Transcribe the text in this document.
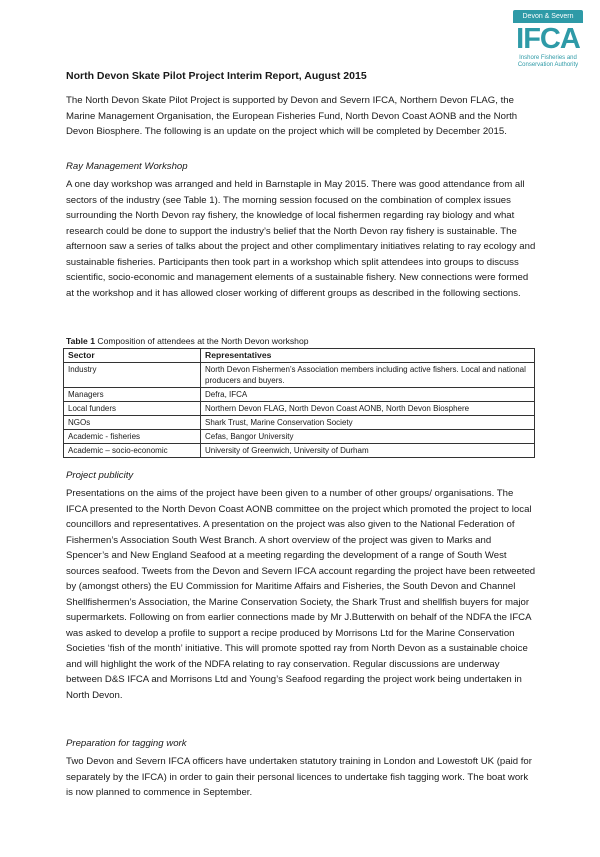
Devon & Severn
IFCA
Inshore Fisheries and
Conservation Authority
North Devon Skate Pilot Project Interim Report, August 2015

The North Devon Skate Pilot Project is supported by Devon and Severn IFCA, Northern Devon FLAG, the Marine Management Organisation, the European Fisheries Fund, North Devon Coast AONB and the North Devon Biosphere. The following is an update on the project which will be completed by December 2015.

Ray Management Workshop

A one day workshop was arranged and held in Barnstaple in May 2015. There was good attendance from all sectors of the industry (see Table 1). The morning session focused on the combination of complex issues surrounding the North Devon ray fishery, the knowledge of local fishermen regarding ray biology and what research could be done to support the industry’s belief that the North Devon ray fishery is sustainable. The afternoon saw a series of talks about the project and other complimentary initiatives relating to ray ecology and sustainable fisheries. Participants then took part in a workshop which split attendees into groups to discuss scientific, socio-economic and management elements of a sustainable fishery. New connections were formed at the workshop and it has allowed closer working of different groups as described in the following sections.

Table 1 Composition of attendees at the North Devon workshop
Sector	Representatives
Industry	North Devon Fishermen’s Association members including active fishers. Local and national producers and buyers.
Managers	Defra, IFCA
Local funders	Northern Devon FLAG, North Devon Coast AONB, North Devon Biosphere
NGOs	Shark Trust, Marine Conservation Society
Academic - fisheries	Cefas, Bangor University
Academic – socio-economic	University of Greenwich, University of Durham
Project publicity

Presentations on the aims of the project have been given to a number of other groups/ organisations. The IFCA presented to the North Devon Coast AONB committee on the project which promoted the project to local councillors and representatives. A presentation on the project was also given to the National Federation of Fishermen’s Association South West Branch. A short overview of the project was given to Marks and Spencer’s and New England Seafood at a meeting regarding the development of a range of South West sources seafood. Tweets from the Devon and Severn IFCA account regarding the project have been retweeted by (amongst others) the EU Commission for Maritime Affairs and Fisheries, the South Devon and Channel Shellfishermen’s Association, the Marine Conservation Society, the Shark Trust and shellfish buyers for major supermarkets. Following on from earlier connections made by Mr J.Butterwith on behalf of the NDFA the IFCA was asked to develop a profile to support a recipe produced by Morrisons Ltd for the Marine Conservation Societies ‘fish of the month’ initiative. This will promote spotted ray from North Devon as a sustainable choice and will highlight the work of the NDFA relating to ray conservation. Regular discussions are underway between D&S IFCA and Morrisons Ltd and Young’s Seafood regarding the project work being undertaken in North Devon.

Preparation for tagging work

Two Devon and Severn IFCA officers have undertaken statutory training in London and Lowestoft UK (paid for separately by the IFCA) in order to gain their personal licences to undertake fish tagging work. The boat work is now planned to commence in September.
